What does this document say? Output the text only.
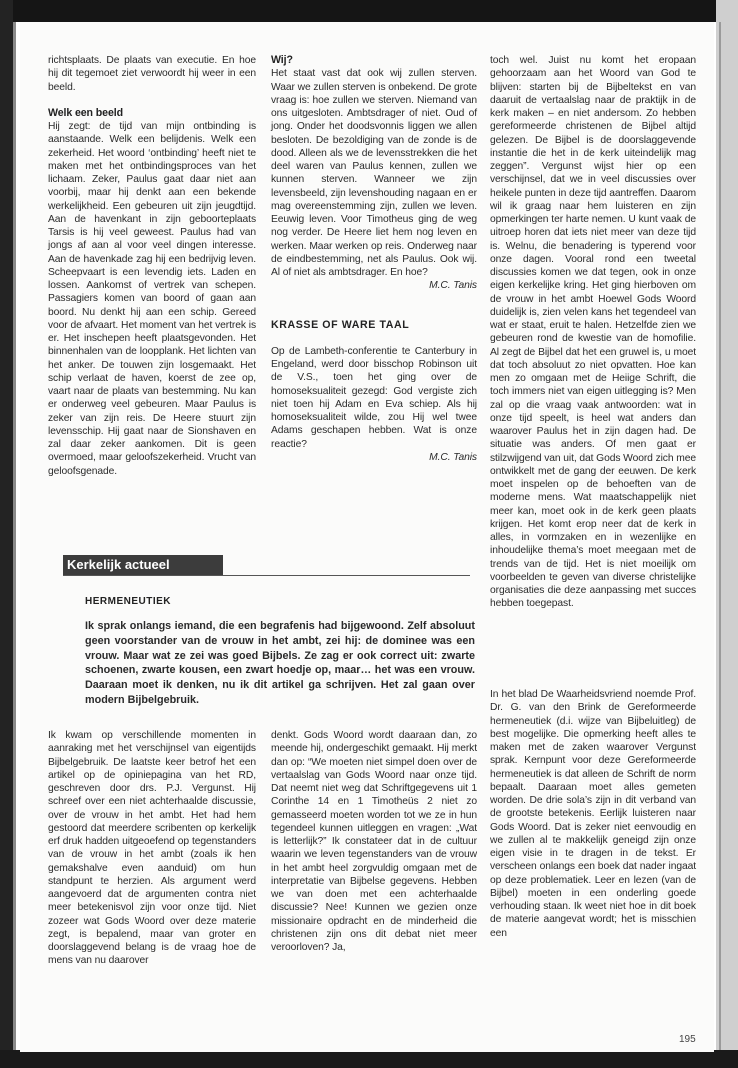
richtsplaats. De plaats van executie. En hoe hij dit tegemoet ziet verwoordt hij weer in een beeld.

Welk een beeld

Hij zegt: de tijd van mijn ontbinding is aanstaande. Welk een belijdenis. Welk een zekerheid. Het woord ‘ontbinding’ heeft niet te maken met het ontbindingsproces van het lichaam. Zeker, Paulus gaat daar niet aan voorbij, maar hij denkt aan een bekende werkelijkheid. Een gebeuren uit zijn jeugdtijd. Aan de havenkant in zijn geboorteplaats Tarsis is hij veel geweest. Paulus had van jongs af aan al voor veel dingen interesse. Aan de havenkade zag hij een bedrijvig leven. Scheepvaart is een levendig iets. Laden en lossen. Aankomst of vertrek van schepen. Passagiers komen van boord of gaan aan boord. Nu denkt hij aan een schip. Gereed voor de afvaart. Het moment van het vertrek is er. Het inschepen heeft plaatsgevonden. Het binnenhalen van de loopplank. Het lichten van het anker. De touwen zijn losgemaakt. Het schip verlaat de haven, koerst de zee op, vaart naar de plaats van bestemming. Nu kan er onderweg veel gebeuren. Maar Paulus is zeker van zijn reis. De Heere stuurt zijn levensschip. Hij gaat naar de Sionshaven en zal daar zeker aankomen. Dit is geen overmoed, maar geloofszekerheid. Vrucht van geloofsgenade.

Wij?

Het staat vast dat ook wij zullen sterven. Waar we zullen sterven is onbekend. De grote vraag is: hoe zullen we sterven. Niemand van ons uitgesloten. Ambtsdrager of niet. Oud of jong. Onder het doodsvonnis liggen we allen besloten. De bezoldiging van de zonde is de dood. Alleen als we de levensstrekken die het deel waren van Paulus kennen, zullen we kunnen sterven. Wanneer we zijn levensbeeld, zijn levenshouding nagaan en er mag overeenstemming zijn, zullen we leven. Eeuwig leven. Voor Timotheus ging de weg nog verder. De Heere liet hem nog leven en werken. Maar werken op reis. Onderweg naar de eindbestemming, net als Paulus. Ook wij. Al of niet als ambtsdrager. En hoe?

M.C. Tanis

KRASSE OF WARE TAAL

Op de Lambeth-conferentie te Canterbury in Engeland, werd door bisschop Robinson uit de V.S., toen het ging over de homoseksualiteit gezegd: God vergiste zich niet toen hij Adam en Eva schiep. Als hij homoseksualiteit wilde, zou Hij wel twee Adams geschapen hebben. Wat is onze reactie?

M.C. Tanis

toch wel. Juist nu komt het eropaan gehoorzaam aan het Woord van God te blijven: starten bij de Bijbeltekst en van daaruit de vertaalslag naar de praktijk in de kerk maken – en niet andersom. Zo hebben gereformeerde christenen de Bijbel altijd gelezen. De Bijbel is de doorslaggevende instantie die het in de kerk uiteindelijk mag zeggen”. Vergunst wijst hier op een verschijnsel, dat we in veel discussies over heikele punten in deze tijd aantreffen. Daarom wil ik graag naar hem luisteren en zijn opmerkingen ter harte nemen. U kunt vaak de uitroep horen dat iets niet meer van deze tijd is. Welnu, die benadering is typerend voor onze dagen. Vooral rond een tweetal discussies komen we dat tegen, ook in onze eigen kerkelijke kring. Het ging hierboven om de vrouw in het ambt Hoewel Gods Woord duidelijk is, zien velen kans het tegendeel van wat er staat, eruit te halen. Hetzelfde zien we gebeuren rond de kwestie van de homofilie. Al zegt de Bijbel dat het een gruwel is, u moet dat toch absoluut zo niet opvatten. Hoe kan men zo omgaan met de Heiige Schrift, die toch immers niet van eigen uitlegging is? Men zal op die vraag vaak antwoorden: wat in onze tijd speelt, is heel wat anders dan waarover Paulus het in zijn dagen had. De situatie was anders. Of men gaat er stilzwijgend van uit, dat Gods Woord zich mee ontwikkelt met de gang der eeuwen. De kerk moet inspelen op de behoeften van de moderne mens. Wat maatschappelijk niet meer kan, moet ook in de kerk geen plaats krijgen. Het komt erop neer dat de kerk in alles, in vormzaken en in wezenlijke en inhoudelijke thema’s moet meegaan met de trends van de tijd. Het is niet moeilijk om voorbeelden te geven van diverse christelijke organisaties die deze aanpassing met succes hebben toegepast.

Kerkelijk actueel
HERMENEUTIEK

Ik sprak onlangs iemand, die een begrafenis had bijgewoond. Zelf absoluut geen voorstander van de vrouw in het ambt, zei hij: de dominee was een vrouw. Maar wat ze zei was goed Bijbels. Ze zag er ook correct uit: zwarte schoenen, zwarte kousen, een zwart hoedje op, maar… het was een vrouw. Daaraan moet ik denken, nu ik dit artikel ga schrijven. Het zal gaan over modern Bijbelgebruik.

Ik kwam op verschillende momenten in aanraking met het verschijnsel van eigentijds Bijbelgebruik. De laatste keer betrof het een artikel op de opiniepagina van het RD, geschreven door drs. P.J. Vergunst. Hij schreef over een niet achterhaalde discussie, over de vrouw in het ambt. Het had hem gestoord dat meerdere scribenten op kerkelijk erf druk hadden uitgeoefend op tegenstanders van de vrouw in het ambt (zoals ik hen gemakshalve even aanduid) om hun standpunt te herzien. Als argument werd aangevoerd dat de argumenten contra niet meer betekenisvol zijn voor onze tijd. Niet zozeer wat Gods Woord over deze materie zegt, is bepalend, maar van groter en doorslaggevend belang is de vraag hoe de mens van nu daarover

denkt. Gods Woord wordt daaraan dan, zo meende hij, ondergeschikt gemaakt. Hij merkt dan op: “We moeten niet simpel doen over de vertaalslag van Gods Woord naar onze tijd. Dat neemt niet weg dat Schriftgegevens uit 1 Corinthe 14 en 1 Timotheüs 2 niet zo gemasseerd moeten worden tot we ze in hun tegendeel kunnen uitleggen en vragen: „Wat is letterlijk?” Ik constateer dat in de cultuur waarin we leven tegenstanders van de vrouw in het ambt heel zorgvuldig omgaan met de interpretatie van Bijbelse gegevens. Hebben we van doen met een achterhaalde discussie? Nee! Kunnen we gezien onze missionaire opdracht en de minderheid die christenen zijn ons dit debat niet meer veroorloven? Ja,

In het blad De Waarheidsvriend noemde Prof. Dr. G. van den Brink de Gereformeerde hermeneutiek (d.i. wijze van Bijbeluitleg) de best mogelijke. Die opmerking heeft alles te maken met de zaken waarover Vergunst sprak. Kernpunt voor deze Gereformeerde hermeneutiek is dat alleen de Schrift de norm bepaalt. Daaraan moet alles gemeten worden. De drie sola’s zijn in dit verband van de grootste betekenis. Eerlijk luisteren naar Gods Woord. Dat is zeker niet eenvoudig en we zullen al te makkelijk geneigd zijn onze eigen visie in te dragen in de tekst. Er verscheen onlangs een boek dat nader ingaat op deze problematiek. Leer en lezen (van de Bijbel) moeten in een onderling goede verhouding staan. Ik weet niet hoe in dit boek de materie aangevat wordt; het is misschien een

195
